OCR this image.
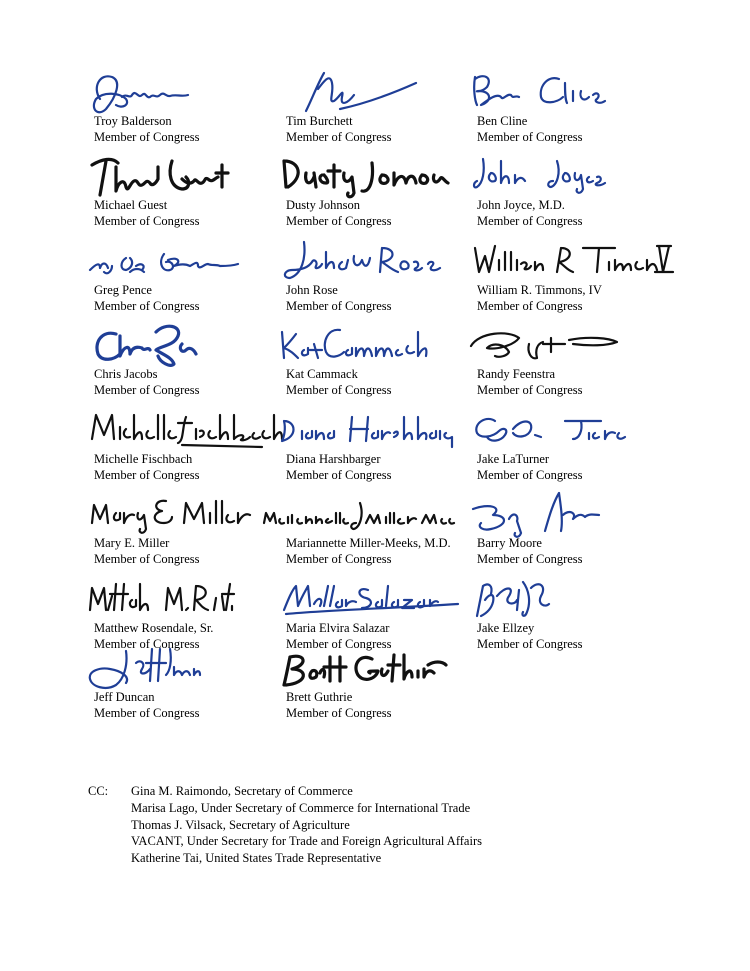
Troy Balderson
Member of Congress
Tim Burchett
Member of Congress
Ben Cline
Member of Congress
Michael Guest
Member of Congress
Dusty Johnson
Member of Congress
John Joyce, M.D.
Member of Congress
Greg Pence
Member of Congress
John Rose
Member of Congress
William R. Timmons, IV
Member of Congress
Chris Jacobs
Member of Congress
Kat Cammack
Member of Congress
Randy Feenstra
Member of Congress
Michelle Fischbach
Member of Congress
Diana Harshbarger
Member of Congress
Jake LaTurner
Member of Congress
Mary E. Miller
Member of Congress
Mariannette Miller-Meeks, M.D.
Member of Congress
Barry Moore
Member of Congress
Matthew Rosendale, Sr.
Member of Congress
Maria Elvira Salazar
Member of Congress
Jake Ellzey
Member of Congress
Jeff Duncan
Member of Congress
Brett Guthrie
Member of Congress
CC: Gina M. Raimondo, Secretary of Commerce
Marisa Lago, Under Secretary of Commerce for International Trade
Thomas J. Vilsack, Secretary of Agriculture
VACANT, Under Secretary for Trade and Foreign Agricultural Affairs
Katherine Tai, United States Trade Representative
